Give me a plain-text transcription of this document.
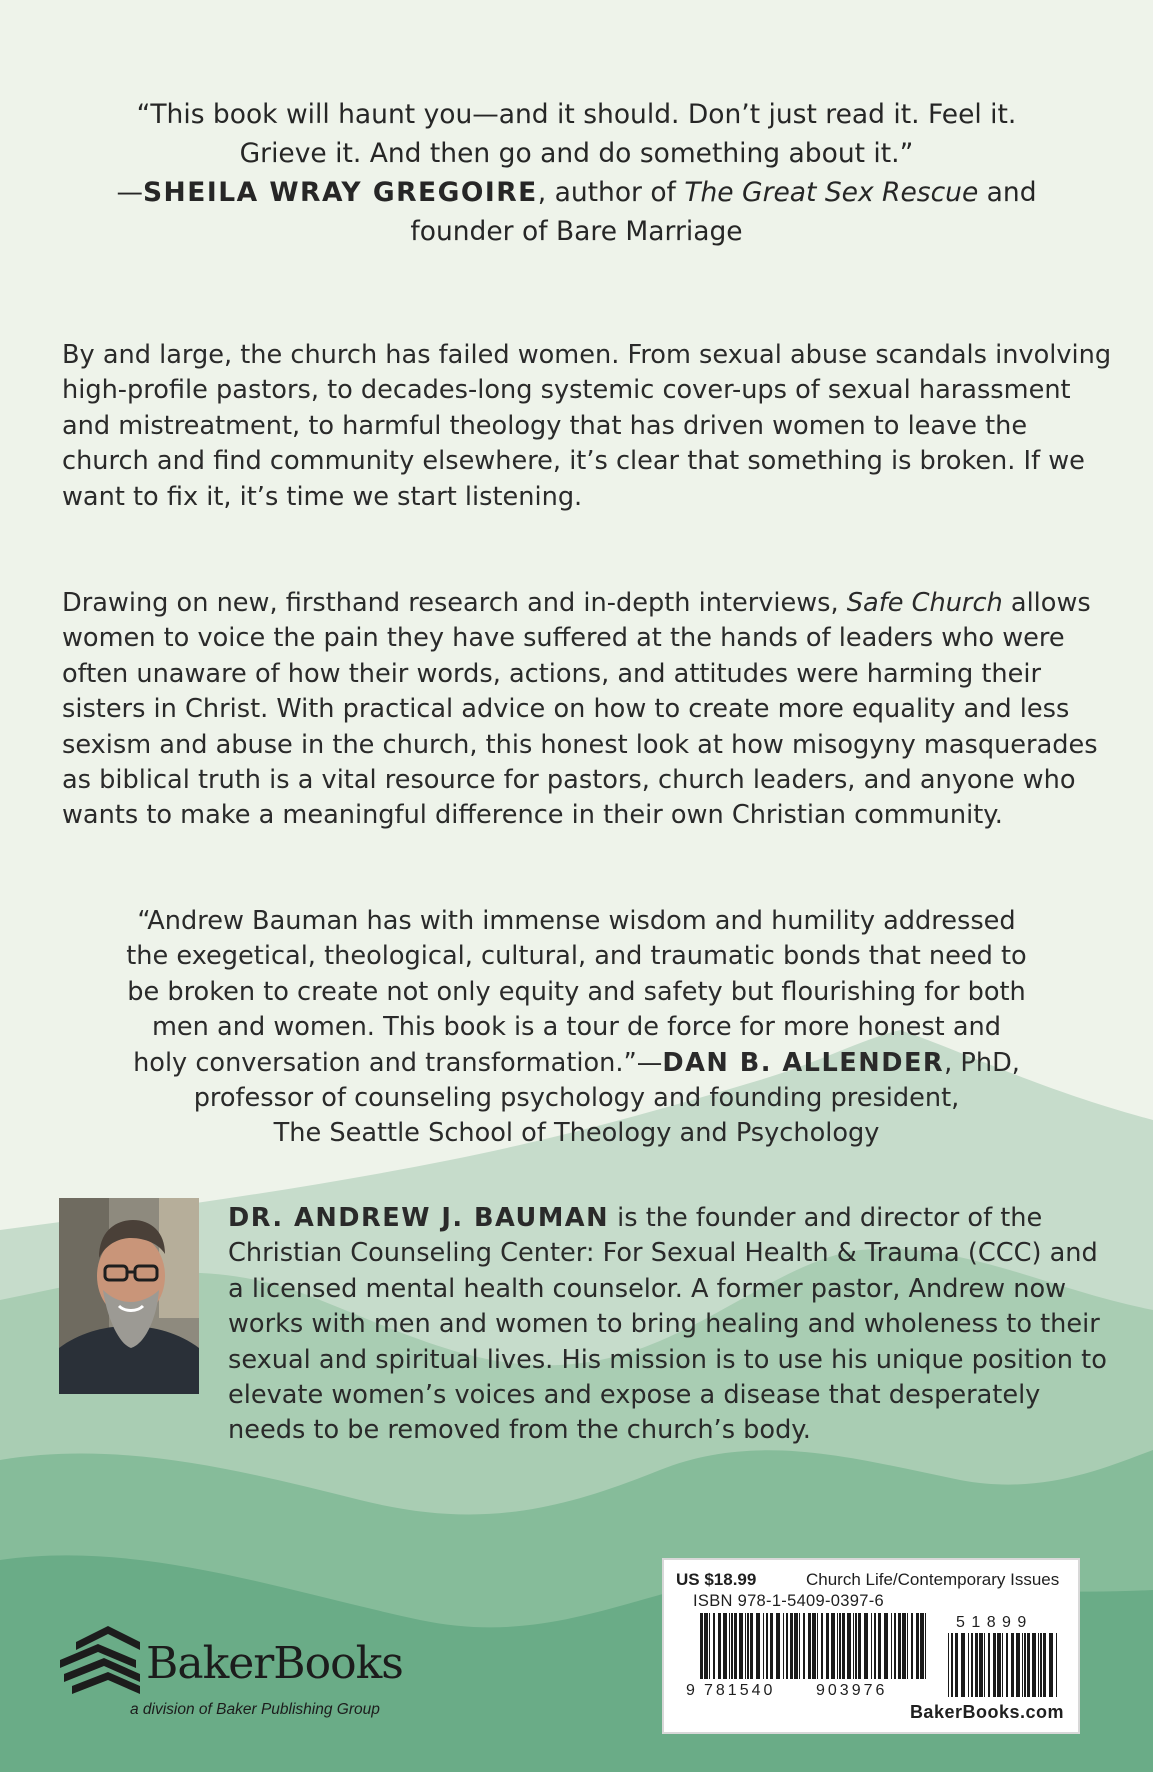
“This book will haunt you—and it should. Don’t just read it. Feel it.
Grieve it. And then go and do something about it.”
—SHEILA WRAY GREGOIRE, author of The Great Sex Rescue and
founder of Bare Marriage

By and large, the church has failed women. From sexual abuse scandals involving high-profile pastors, to decades-long systemic cover-ups of sexual harassment and mistreatment, to harmful theology that has driven women to leave the church and find community elsewhere, it’s clear that something is broken. If we want to fix it, it’s time we start listening.

Drawing on new, firsthand research and in-depth interviews, Safe Church allows women to voice the pain they have suffered at the hands of leaders who were often unaware of how their words, actions, and attitudes were harming their sisters in Christ. With practical advice on how to create more equality and less sexism and abuse in the church, this honest look at how misogyny masquerades as biblical truth is a vital resource for pastors, church leaders, and anyone who wants to make a meaningful difference in their own Christian community.

“Andrew Bauman has with immense wisdom and humility addressed
the exegetical, theological, cultural, and traumatic bonds that need to
be broken to create not only equity and safety but flourishing for both
men and women. This book is a tour de force for more honest and
holy conversation and transformation.”—DAN B. ALLENDER, PhD,
professor of counseling psychology and founding president,
The Seattle School of Theology and Psychology

DR. ANDREW J. BAUMAN is the founder and director of the Christian Counseling Center: For Sexual Health & Trauma (CCC) and a licensed mental health counselor. A former pastor, Andrew now works with men and women to bring healing and wholeness to their sexual and spiritual lives. His mission is to use his unique position to elevate women’s voices and expose a disease that desperately needs to be removed from the church’s body.

BakerBooks
a division of Baker Publishing Group
US $18.99	Church Life/Contemporary Issues
ISBN 978-1-5409-0397-6
5 1 8 9 9
9 781540	903976
BakerBooks.com
